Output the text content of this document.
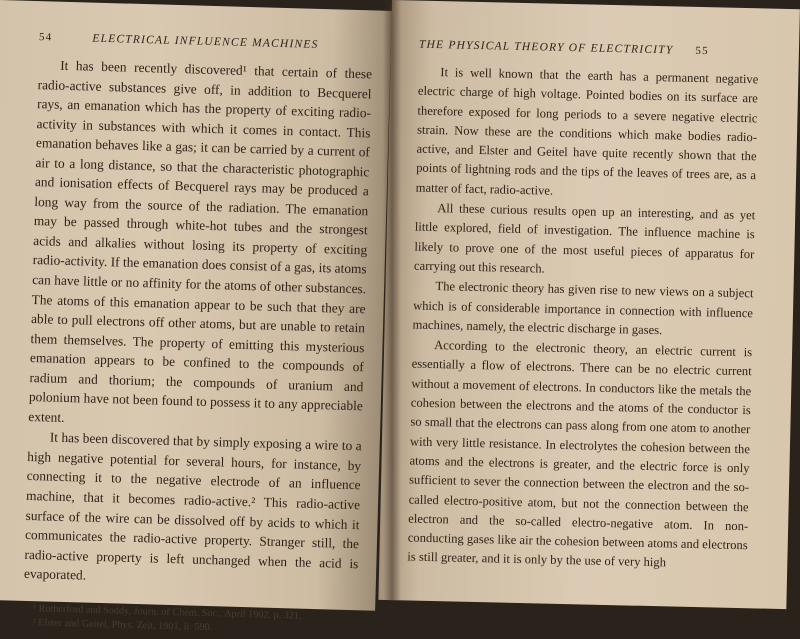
54	ELECTRICAL INFLUENCE MACHINES

It has been recently discovered¹ that certain of these radio-active substances give off, in addition to Becquerel rays, an emanation which has the property of exciting radio-activity in substances with which it comes in contact. This emanation behaves like a gas; it can be carried by a current of air to a long distance, so that the characteristic photographic and ionisation effects of Becquerel rays may be produced a long way from the source of the radiation. The emanation may be passed through white-hot tubes and the strongest acids and alkalies without losing its property of exciting radio-activity. If the emanation does consist of a gas, its atoms can have little or no affinity for the atoms of other substances. The atoms of this emanation appear to be such that they are able to pull electrons off other atoms, but are unable to retain them themselves. The property of emitting this mysterious emanation appears to be confined to the compounds of radium and thorium; the compounds of uranium and polonium have not been found to possess it to any appreciable extent.

It has been discovered that by simply exposing a wire to a high negative potential for several hours, for instance, by connecting it to the negative electrode of an influence machine, that it becomes radio-active.² This radio-active surface of the wire can be dissolved off by acids to which it communicates the radio-active property. Stranger still, the radio-active property is left unchanged when the acid is evaporated.

¹ Rutherford and Soddy, Journ. of Chem. Soc., April 1902, p. 321.
² Elster and Geitel, Phys. Zeit, 1901, ii. 590.
THE PHYSICAL THEORY OF ELECTRICITY 55

It is well known that the earth has a permanent negative electric charge of high voltage. Pointed bodies on its surface are therefore exposed for long periods to a severe negative electric strain. Now these are the conditions which make bodies radio-active, and Elster and Geitel have quite recently shown that the points of lightning rods and the tips of the leaves of trees are, as a matter of fact, radio-active.

All these curious results open up an interesting, and as yet little explored, field of investigation. The influence machine is likely to prove one of the most useful pieces of apparatus for carrying out this research.

The electronic theory has given rise to new views on a subject which is of considerable importance in connection with influence machines, namely, the electric discharge in gases.

According to the electronic theory, an electric current is essentially a flow of electrons. There can be no electric current without a movement of electrons. In conductors like the metals the cohesion between the electrons and the atoms of the conductor is so small that the electrons can pass along from one atom to another with very little resistance. In electrolytes the cohesion between the atoms and the electrons is greater, and the electric force is only sufficient to sever the connection between the electron and the so-called electro-positive atom, but not the connection between the electron and the so-called electro-negative atom. In non-conducting gases like air the cohesion between atoms and electrons is still greater, and it is only by the use of very high
